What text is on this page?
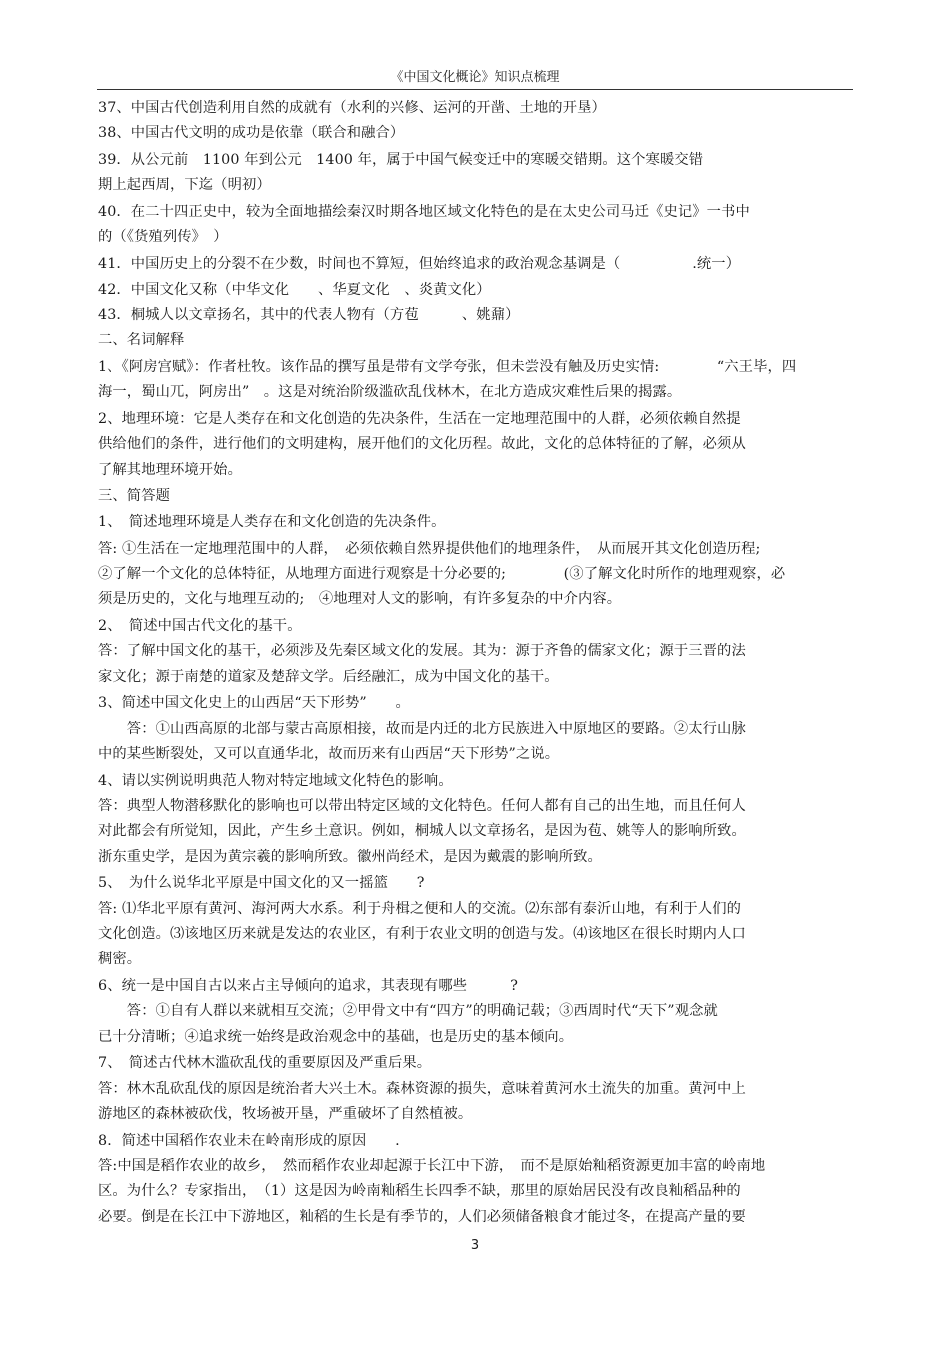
《中国文化概论》知识点梳理
37、中国古代创造利用自然的成就有（水利的兴修、运河的开凿、土地的开垦）
38、中国古代文明的成功是依靠（联合和融合）
39．从公元前　1100 年到公元　1400 年，属于中国气候变迁中的寒暖交错期。这个寒暖交错
期上起西周，下迄（明初）
40．在二十四正史中，较为全面地描绘秦汉时期各地区域文化特色的是在太史公司马迁《史记》一书中
的（《货殖列传》　）
41．中国历史上的分裂不在少数，时间也不算短，但始终追求的政治观念基调是（　　　　　.统一）
42．中国文化又称（中华文化　　、华夏文化　、炎黄文化）
43．桐城人以文章扬名，其中的代表人物有（方苞　　　、姚鼐）
二、名词解释
1､《阿房宫赋》：作者杜牧。该作品的撰写虽是带有文学夸张，但未尝没有触及历史实情:　　　　“六王毕，四
海一，蜀山兀，阿房出”　。这是对统治阶级滥砍乱伐林木，在北方造成灾难性后果的揭露。
2、地理环境：它是人类存在和文化创造的先决条件，生活在一定地理范围中的人群，必须依赖自然提
供给他们的条件，进行他们的文明建构，展开他们的文化历程。故此，文化的总体特征的了解，必须从
了解其地理环境开始。
三、简答题
1、　简述地理环境是人类存在和文化创造的先决条件。
答: ①生活在一定地理范围中的人群，　必须依赖自然界提供他们的地理条件，　从而展开其文化创造历程;
②了解一个文化的总体特征，从地理方面进行观察是十分必要的;　　　　(③了解文化时所作的地理观察，必
须是历史的，文化与地理互动的;　④地理对人文的影响，有许多复杂的中介内容。
2、　简述中国古代文化的基干。
答：了解中国文化的基干，必须涉及先秦区域文化的发展。其为：源于齐鲁的儒家文化；源于三晋的法
家文化；源于南楚的道家及楚辞文学。后经融汇，成为中国文化的基干。
3、简述中国文化史上的山西居“天下形势”　　。
　　答：①山西高原的北部与蒙古高原相接，故而是内迁的北方民族进入中原地区的要路。②太行山脉
中的某些断裂处，又可以直通华北，故而历来有山西居“天下形势”之说。
4、请以实例说明典范人物对特定地域文化特色的影响。
答：典型人物潜移默化的影响也可以带出特定区域的文化特色。任何人都有自己的出生地，而且任何人
对此都会有所觉知，因此，产生乡土意识。例如，桐城人以文章扬名，是因为苞、姚等人的影响所致。
浙东重史学，是因为黄宗羲的影响所致。徽州尚经术，是因为戴震的影响所致。
5、　为什么说华北平原是中国文化的又一摇篮　　?
答: ⑴华北平原有黄河、海河两大水系。利于舟楫之便和人的交流。⑵东部有泰沂山地，有利于人们的
文化创造。⑶该地区历来就是发达的农业区，有利于农业文明的创造与发。⑷该地区在很长时期内人口
稠密。
6、统一是中国自古以来占主导倾向的追求，其表现有哪些　　　?
　　答：①自有人群以来就相互交流；②甲骨文中有“四方”的明确记载；③西周时代“天下”观念就
已十分清晰；④追求统一始终是政治观念中的基础，也是历史的基本倾向。
7、　简述古代林木滥砍乱伐的重要原因及严重后果。
答：林木乱砍乱伐的原因是统治者大兴土木。森林资源的损失，意味着黄河水土流失的加重。黄河中上
游地区的森林被砍伐，牧场被开垦，严重破坏了自然植被。
8．简述中国稻作农业未在岭南形成的原因　　.
答:中国是稻作农业的故乡，　然而稻作农业却起源于长江中下游，　而不是原始籼稻资源更加丰富的岭南地
区。为什么？专家指出，　（1）这是因为岭南籼稻生长四季不缺，那里的原始居民没有改良籼稻品种的
必要。倒是在长江中下游地区，籼稻的生长是有季节的，人们必须储备粮食才能过冬，在提高产量的要
3
